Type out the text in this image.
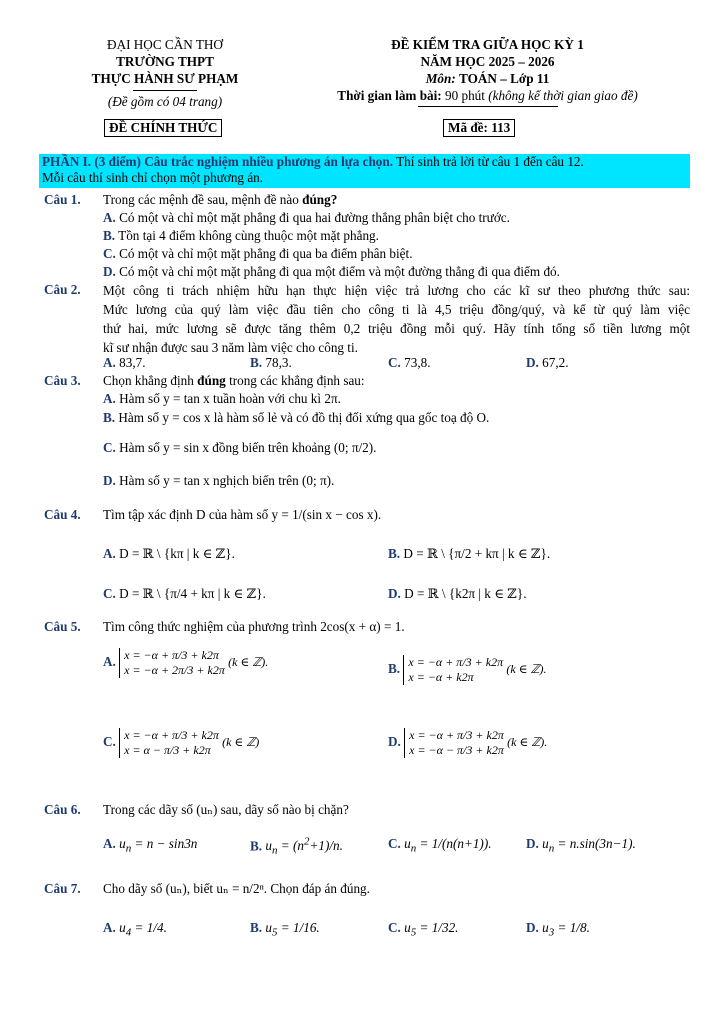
ĐẠI HỌC CẦN THƠ
TRƯỜNG THPT
THỰC HÀNH SƯ PHẠM
(Đề gồm có 04 trang)
ĐỀ CHÍNH THỨC
ĐỀ KIỂM TRA GIỮA HỌC KỲ 1
NĂM HỌC 2025 – 2026
Môn: TOÁN – Lớp 11
Thời gian làm bài: 90 phút (không kể thời gian giao đề)
Mã đề: 113
PHẦN I. (3 điểm) Câu trắc nghiệm nhiều phương án lựa chọn. Thí sinh trả lời từ câu 1 đến câu 12.
Mỗi câu thí sinh chỉ chọn một phương án.
Câu 1. Trong các mệnh đề sau, mệnh đề nào đúng?
A. Có một và chỉ một mặt phẳng đi qua hai đường thẳng phân biệt cho trước.
B. Tồn tại 4 điểm không cùng thuộc một mặt phẳng.
C. Có một và chỉ một mặt phẳng đi qua ba điểm phân biệt.
D. Có một và chỉ một mặt phẳng đi qua một điểm và một đường thẳng đi qua điểm đó.
Câu 2. Một công ti trách nhiệm hữu hạn thực hiện việc trả lương cho các kĩ sư theo phương thức sau:
Mức lương của quý làm việc đầu tiên cho công ti là 4,5 triệu đồng/quý, và kể từ quý làm việc
thứ hai, mức lương sẽ được tăng thêm 0,2 triệu đồng mỗi quý. Hãy tính tổng số tiền lương một
kĩ sư nhận được sau 3 năm làm việc cho công ti.
A. 83,7.	B. 78,3.	C. 73,8.	D. 67,2.
Câu 3. Chọn khẳng định đúng trong các khẳng định sau:
A. Hàm số y = tan x tuần hoàn với chu kì 2π.
B. Hàm số y = cos x là hàm số lẻ và có đồ thị đối xứng qua gốc toạ độ O.
C. Hàm số y = sin x đồng biến trên khoảng (0; π/2).
D. Hàm số y = tan x nghịch biến trên (0; π).
Câu 4. Tìm tập xác định D của hàm số y = 1/(sin x − cos x).
A. D = ℝ \ {kπ | k ∈ ℤ}.	B. D = ℝ \ {π/2 + kπ | k ∈ ℤ}.
C. D = ℝ \ {π/4 + kπ | k ∈ ℤ}.	D. D = ℝ \ {k2π | k ∈ ℤ}.
Câu 5. Tìm công thức nghiệm của phương trình 2cos(x + α) = 1.
A. x = −α + π/3 + k2π
x = −α + 2π/3 + k2π
(k ∈ ℤ).	B. x = −α + π/3 + k2π
x = −α + k2π
(k ∈ ℤ).
C. x = −α + π/3 + k2π
x = α − π/3 + k2π
(k ∈ ℤ)	D. x = −α + π/3 + k2π
x = −α − π/3 + k2π
(k ∈ ℤ).
Câu 6. Trong các dãy số (uₙ) sau, dãy số nào bị chặn?
A. $u_n = n - \sin 3n$	B. $u_n = (n^2+1)/n$.	C. $u_n = 1/(n(n+1))$.	D. $u_n = n.\sin(3n-1)$.
Câu 7. Cho dãy số (uₙ), biết uₙ = n/2ⁿ. Chọn đáp án đúng.
A. $u_4 = 1/4$.	B. $u_5 = 1/16$.	C. $u_5 = 1/32$.	D. $u_3 = 1/8$.
